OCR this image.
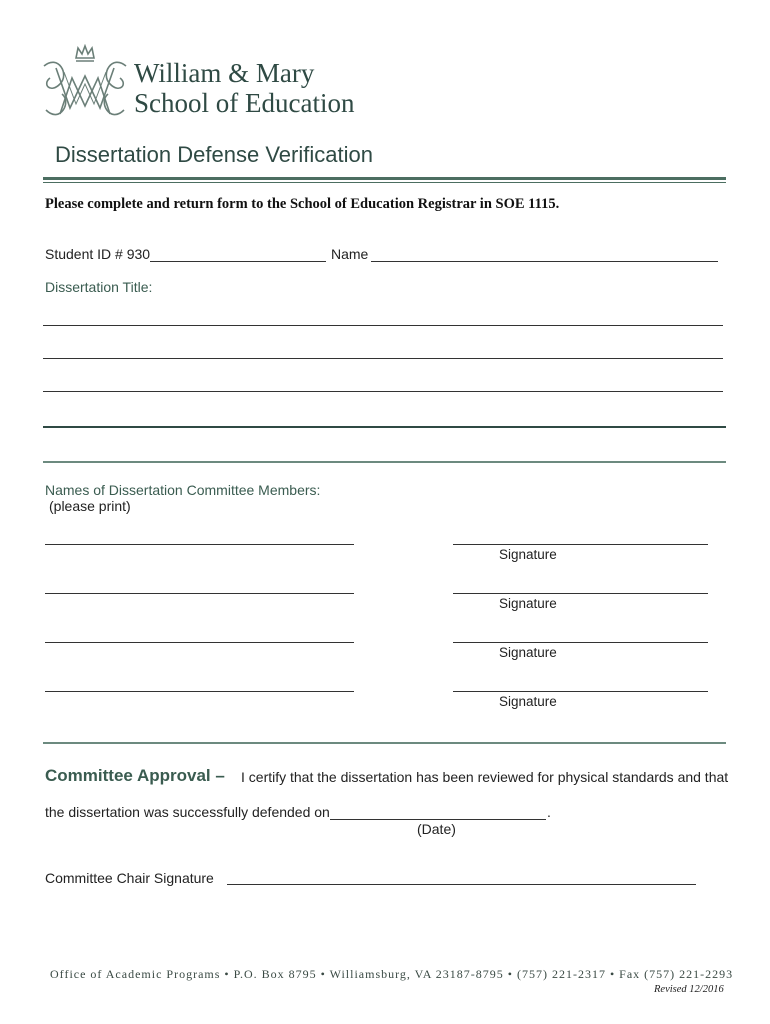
William & Mary
School of Education
Dissertation Defense Verification
Please complete and return form to the School of Education Registrar in SOE 1115.
Student ID # 930	Name
Dissertation Title:
Names of Dissertation Committee Members:
(please print)
Signature
Signature
Signature
Signature
Committee Approval – I certify that the dissertation has been reviewed for physical standards and that
the dissertation was successfully defended on	.
(Date)
Committee Chair Signature
Office of Academic Programs • P.O. Box 8795 • Williamsburg, VA 23187-8795 • (757) 221-2317 • Fax (757) 221-2293
Revised 12/2016
